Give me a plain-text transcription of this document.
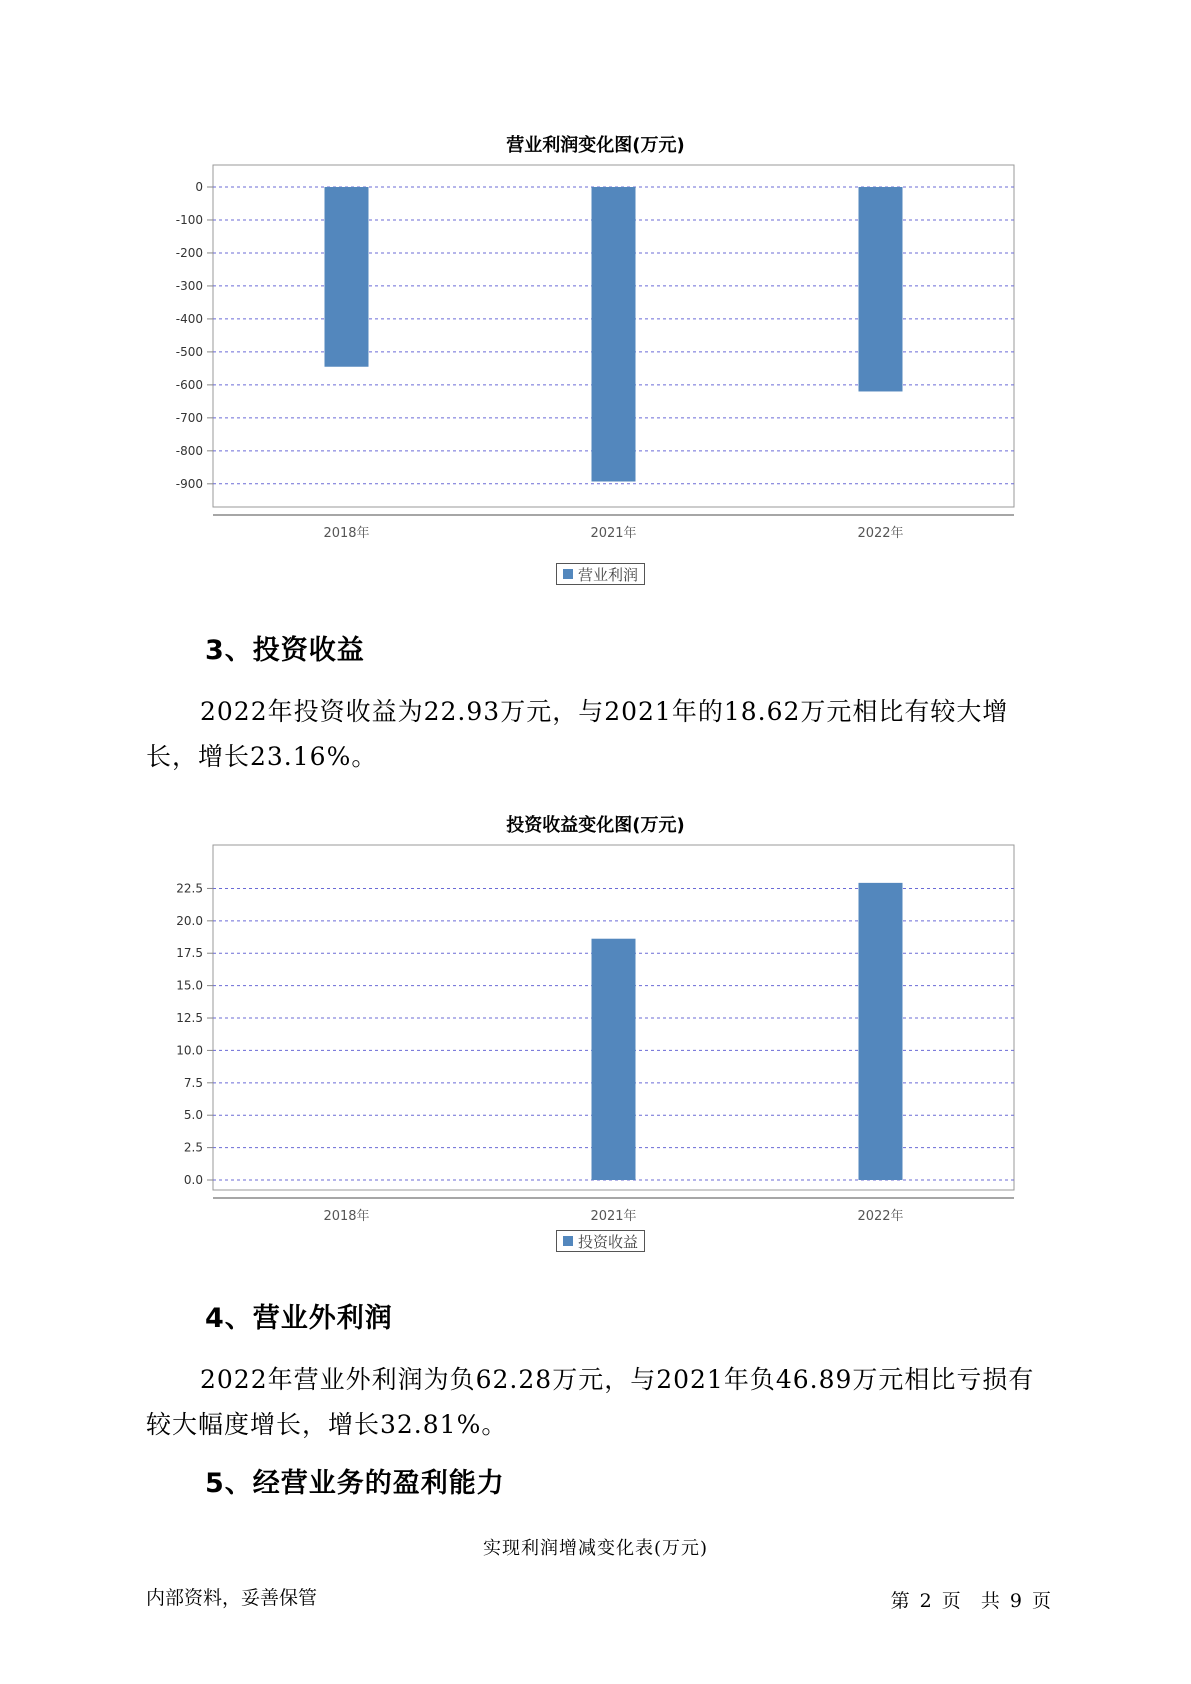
营业利润变化图(万元)
0
-100
-200
-300
-400
-500
-600
-700
-800
-900
2018年	2021年	2022年
营业利润
3、投资收益

2022年投资收益为22.93万元，与2021年的18.62万元相比有较大增长，增长23.16%。

投资收益变化图(万元)
22.5
20.0
17.5
15.0
12.5
10.0
7.5
5.0
2.5
0.0
2018年	2021年	2022年
投资收益
4、营业外利润

2022年营业外利润为负62.28万元，与2021年负46.89万元相比亏损有较大幅度增长，增长32.81%。

5、经营业务的盈利能力
实现利润增减变化表(万元)
内部资料，妥善保管	第 2 页  共 9 页
